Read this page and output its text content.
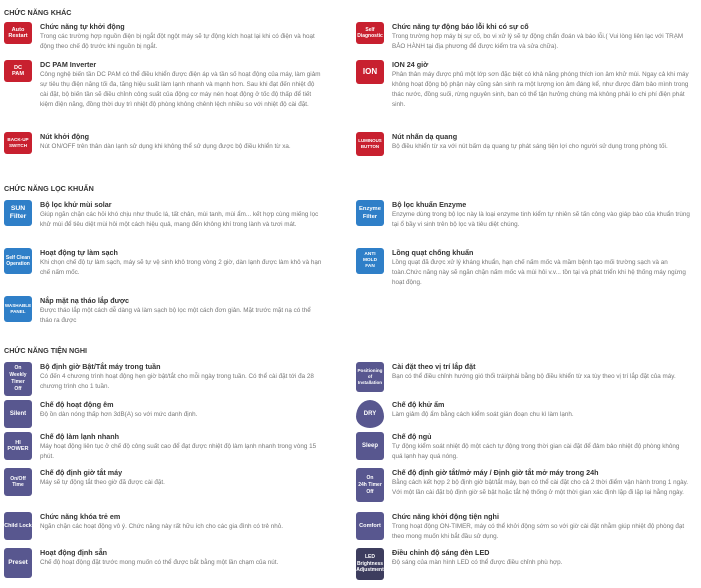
CHỨC NĂNG KHÁC
Auto
Restart
Chức năng tự khởi động
Trong các trường hợp nguồn điện bị ngắt đột ngột máy sẽ tự động kích hoạt lại khi có điện và hoạt động theo chế độ trước khi nguồn bị ngắt.
DC
PAM
DC PAM Inverter
Công nghệ biến tần DC PAM có thể điều khiển được điện áp và tần số hoạt động của máy, làm giảm sự tiêu thụ điện năng tối đa, tăng hiệu suất làm lạnh nhanh và mạnh hơn. Sau khi đạt đến nhiệt độ cài đặt, bộ biến tần sẽ điều chỉnh công suất của động cơ máy nén hoạt động ở tốc độ thấp để tiết kiệm điện năng, đồng thời duy trì nhiệt độ phòng không chênh lệch nhiều so với nhiệt độ cài đặt.
BACK-UP
SWITCH
Nút khởi động
Nút ON/OFF trên thân dàn lạnh sử dụng khi không thể sử dụng được bộ điều khiển từ xa.
Self
Diagnostic
Chức năng tự động báo lỗi khi có sự cố
Trong trường hợp máy bị sự cố, bo vi xử lý sẽ tự động chẩn đoán và báo lỗi.( Vui lòng liên lạc với TRẠM BẢO HÀNH tại địa phương để được kiểm tra và sửa chữa).
ION
ION 24 giờ
Phân thân máy được phủ một lớp sơn đặc biệt có khả năng phóng thích ion âm khử mùi. Ngay cả khi máy không hoạt động bộ phận này cũng sản sinh ra một lượng ion âm đáng kể, như được đảm bảo mình trong thác nước, đồng suối, rừng nguyên sinh, ban có thể tận hưởng chúng mà không phải lo chi phí điện phát sinh.
LUMINOUS
BUTTON
Nút nhấn dạ quang
Bộ điều khiển từ xa với nút bấm dạ quang tự phát sáng tiện lợi cho người sử dụng trong phòng tối.
CHỨC NĂNG LỌC KHUẨN
SUN
Filter
Bộ lọc khử mùi solar
Giúp ngăn chặn các hỏi khó chịu như thuốc lá, tất chân, mùi tanh, mùi ẩm... kết hợp cùng miếng lọc khử mùi để tiêu diệt mùi hôi một cách hiệu quả, mang đến không khí trong lành và tươi mát.
Self Clean
Operation
Hoạt động tự làm sạch
Khi chọn chế độ tự làm sạch, máy sẽ tự vệ sinh khô trong vòng 2 giờ, dàn lạnh được làm khô và hạn chế nấm mốc.
WASHABLE
PANEL
Nắp mặt nạ tháo lắp được
Được tháo lắp một cách dễ dàng và làm sạch bộ lọc một cách đơn giản. Mặt trước mặt nạ có thể tháo ra được
Enzyme
Filter
Bộ lọc khuẩn Enzyme
Enzyme dùng trong bộ lọc này là loại enzyme tinh kiểm tự nhiên sẽ tấn công vào giáp bào của khuẩn trùng tại ổ bầy vi sinh trên bộ lọc và tiêu diệt chúng.
ANTI
MOLD
FAN
Lồng quạt chống khuẩn
Lồng quạt đã được xử lý kháng khuẩn, hạn chế nấm mốc và mầm bệnh tạo mối trường sạch và an toàn.Chức năng này sẽ ngăn chặn nấm mốc và mùi hôi v.v... tồn tại và phát triển khi hệ thống máy ngừng hoạt động.
CHỨC NĂNG TIỆN NGHI
On
Weekly Timer
Off
Bộ định giờ Bật/Tắt máy trong tuần
Có đến 4 chương trình hoạt động hẹn giờ bật/tắt cho mỗi ngày trong tuần. Có thể cài đặt tới đa 28 chương trình cho 1 tuần.
Silent
Chế độ hoạt động êm
Độ ồn dàn nóng thấp hơn 3dB(A) so với mức danh định.
HI POWER
Chế độ làm lạnh nhanh
Máy hoạt động liên tục ở chế độ công suất cao để đạt được nhiệt độ làm lạnh nhanh trong vòng 15 phút.
On/Off Time
Chế độ định giờ tắt máy
Máy sẽ tự động tắt theo giờ đã được cài đặt.
Child Lock
Chức năng khóa trẻ em
Ngăn chặn các hoạt động vô ý. Chức năng này rất hữu ích cho các gia đình có trẻ nhỏ.
Preset
Hoạt động định sẵn
Chế độ hoạt động đặt trước mong muốn có thể được bắt bằng một lần chạm của nút.
Positioning
of
Installation
Cài đặt theo vị trí lắp đặt
Bạn có thể điều chỉnh hướng gió thổi trái/phải bằng bộ điều khiển từ xa tùy theo vị trí lắp đặt của máy.
DRY
Chế độ khử ẩm
Làm giảm độ ẩm bằng cách kiểm soát gián đoạn chu kì làm lạnh.
Sleep
Chế độ ngủ
Tự động kiểm soát nhiệt độ một cách tự động trong thời gian cài đặt để đảm bảo nhiệt độ phòng không quá lạnh hay quá nóng.
On
24h Timer
Off
Chế độ định giờ tắt/mở máy / Định giờ tắt mở máy trong 24h
Bằng cách kết hợp 2 bộ định giờ bật/tắt máy, bạn có thể cài đặt cho cả 2 thời điểm vận hành trong 1 ngày. Với một lần cài đặt bộ định giờ sẽ bật hoặc tắt hệ thống ở một thời gian xác định lặp đi lặp lại hằng ngày.
Comfort
Chức năng khởi động tiện nghi
Trong hoạt động ON-TIMER, máy có thể khởi động sớm so với giờ cài đặt nhằm giúp nhiệt độ phòng đạt theo mong muốn khi bắt đầu sử dụng.
LED
Brightness
Adjustment
Điều chỉnh độ sáng đèn LED
Độ sáng của màn hình LED có thể được điều chỉnh phù hợp.
